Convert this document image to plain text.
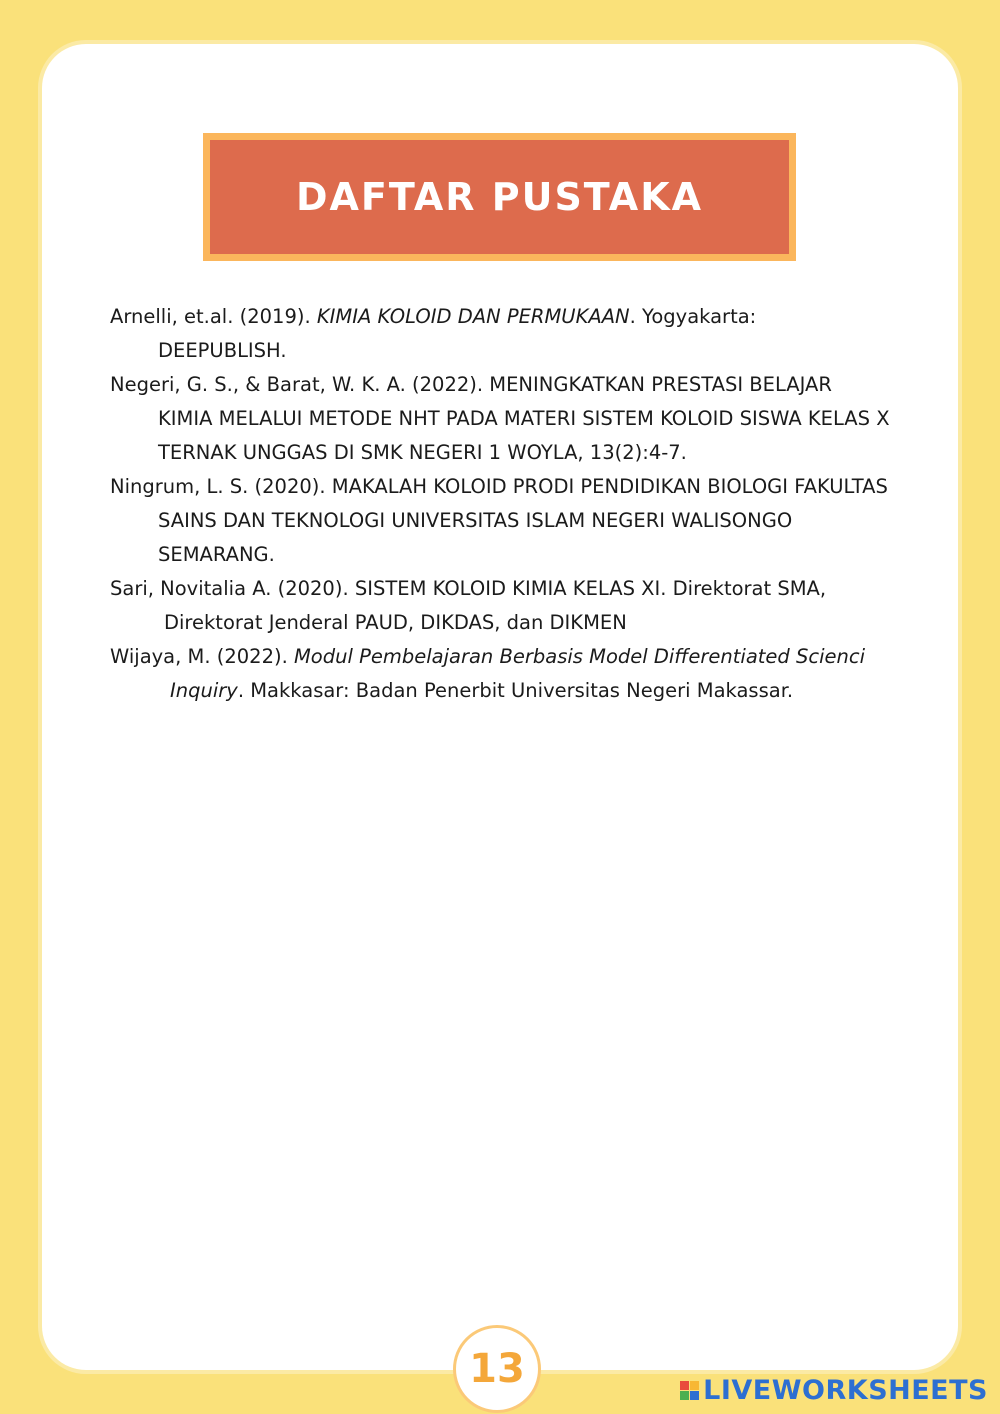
DAFTAR PUSTAKA

Arnelli, et.al. (2019). KIMIA KOLOID DAN PERMUKAAN. Yogyakarta: DEEPUBLISH.

Negeri, G. S., & Barat, W. K. A. (2022). MENINGKATKAN PRESTASI BELAJAR KIMIA MELALUI METODE NHT PADA MATERI SISTEM KOLOID SISWA KELAS X TERNAK UNGGAS DI SMK NEGERI 1 WOYLA, 13(2):4-7.

Ningrum, L. S. (2020). MAKALAH KOLOID PRODI PENDIDIKAN BIOLOGI FAKULTAS SAINS DAN TEKNOLOGI UNIVERSITAS ISLAM NEGERI WALISONGO SEMARANG.

Sari, Novitalia A. (2020). SISTEM KOLOID KIMIA KELAS XI. Direktorat SMA, Direktorat Jenderal PAUD, DIKDAS, dan DIKMEN

Wijaya, M. (2022). Modul Pembelajaran Berbasis Model Differentiated Scienci Inquiry. Makkasar: Badan Penerbit Universitas Negeri Makassar.

13	LIVEWORKSHEETS
